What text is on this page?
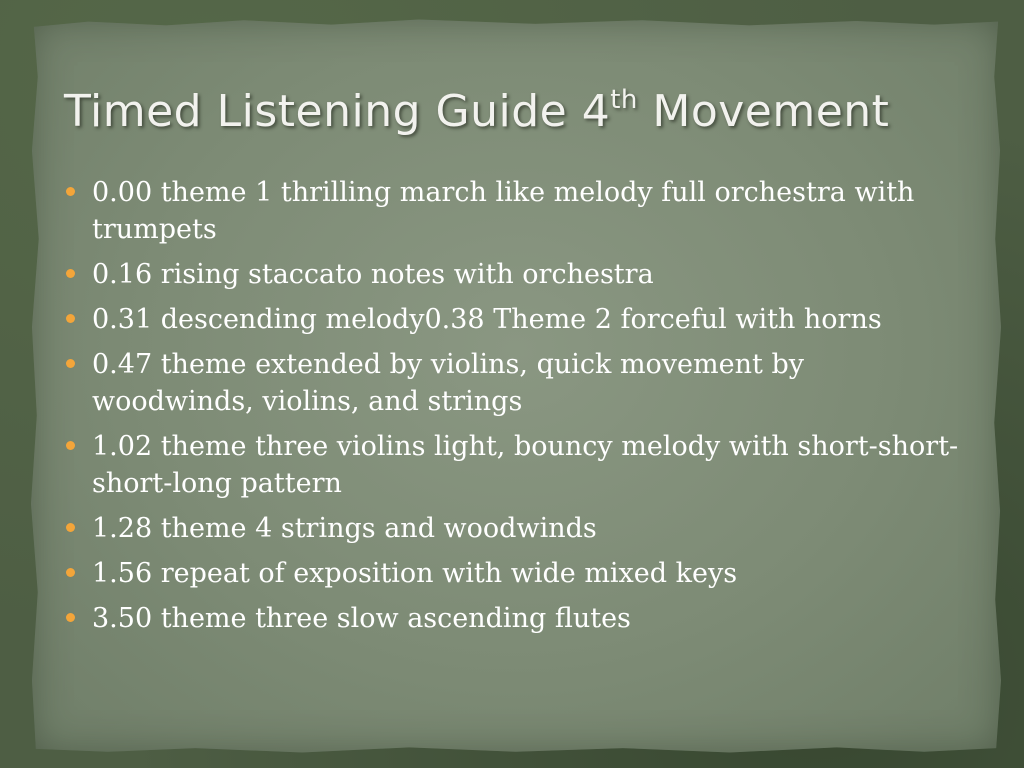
Timed Listening Guide 4th Movement
0.00 theme 1 thrilling march like melody full orchestra with trumpets
0.16 rising staccato notes with orchestra
0.31 descending melody0.38 Theme 2 forceful with horns
0.47 theme extended by violins, quick movement by woodwinds, violins, and strings
1.02 theme three violins light, bouncy melody with short-short-short-long pattern
1.28 theme 4 strings and woodwinds
1.56 repeat of exposition with wide mixed keys
3.50 theme three slow ascending flutes
